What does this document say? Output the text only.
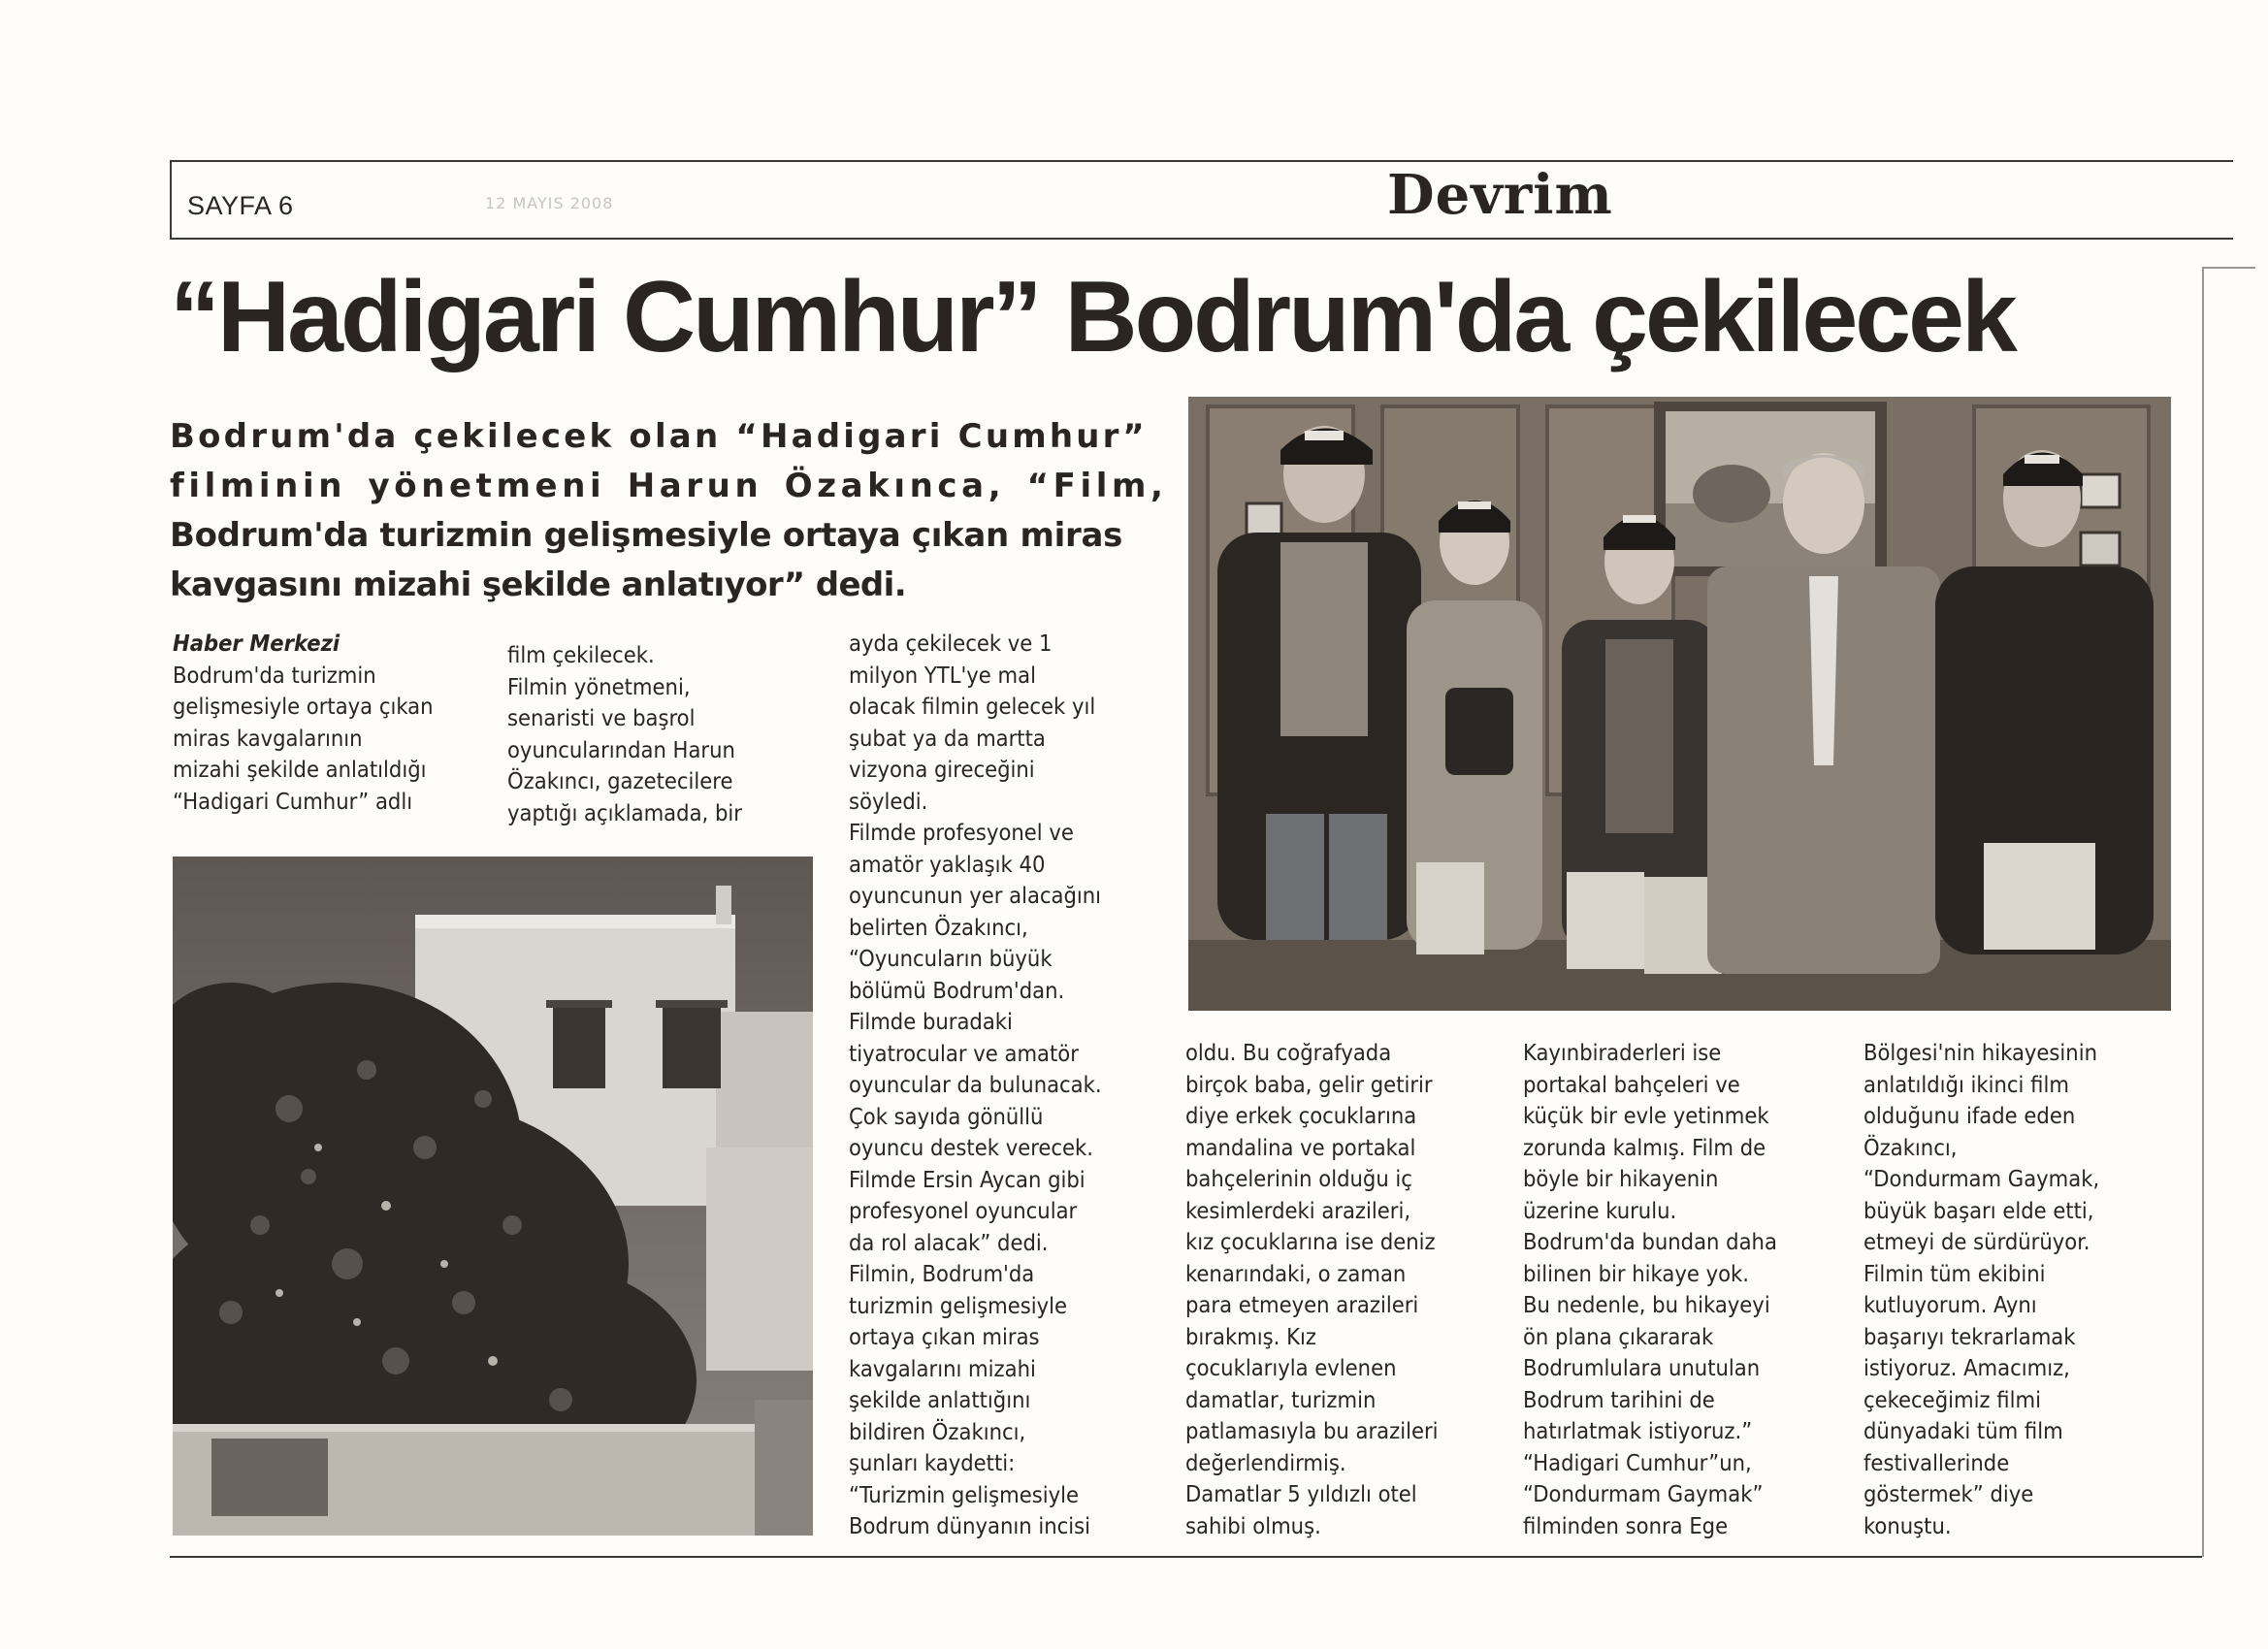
SAYFA 6	12 MAYIS 2008	Devrim
“Hadigari Cumhur” Bodrum'da çekilecek
Bodrum'da çekilecek olan “Hadigari Cumhur”
filminin yönetmeni Harun Özakınca, “Film,
Bodrum'da turizmin gelişmesiyle ortaya çıkan miras
kavgasını mizahi şekilde anlatıyor” dedi.
Haber Merkezi
Bodrum'da turizmin
gelişmesiyle ortaya çıkan
miras kavgalarının
mizahi şekilde anlatıldığı
“Hadigari Cumhur” adlı
film çekilecek.
Filmin yönetmeni,
senaristi ve başrol
oyuncularından Harun
Özakıncı, gazetecilere
yaptığı açıklamada, bir
ayda çekilecek ve 1
milyon YTL'ye mal
olacak filmin gelecek yıl
şubat ya da martta
vizyona gireceğini
söyledi.
Filmde profesyonel ve
amatör yaklaşık 40
oyuncunun yer alacağını
belirten Özakıncı,
“Oyuncuların büyük
bölümü Bodrum'dan.
Filmde buradaki
tiyatrocular ve amatör
oyuncular da bulunacak.
Çok sayıda gönüllü
oyuncu destek verecek.
Filmde Ersin Aycan gibi
profesyonel oyuncular
da rol alacak” dedi.
Filmin, Bodrum'da
turizmin gelişmesiyle
ortaya çıkan miras
kavgalarını mizahi
şekilde anlattığını
bildiren Özakıncı,
şunları kaydetti:
“Turizmin gelişmesiyle
Bodrum dünyanın incisi
oldu. Bu coğrafyada
birçok baba, gelir getirir
diye erkek çocuklarına
mandalina ve portakal
bahçelerinin olduğu iç
kesimlerdeki arazileri,
kız çocuklarına ise deniz
kenarındaki, o zaman
para etmeyen arazileri
bırakmış. Kız
çocuklarıyla evlenen
damatlar, turizmin
patlamasıyla bu arazileri
değerlendirmiş.
Damatlar 5 yıldızlı otel
sahibi olmuş.
Kayınbiraderleri ise
portakal bahçeleri ve
küçük bir evle yetinmek
zorunda kalmış. Film de
böyle bir hikayenin
üzerine kurulu.
Bodrum'da bundan daha
bilinen bir hikaye yok.
Bu nedenle, bu hikayeyi
ön plana çıkararak
Bodrumlulara unutulan
Bodrum tarihini de
hatırlatmak istiyoruz.”
“Hadigari Cumhur”un,
“Dondurmam Gaymak”
filminden sonra Ege
Bölgesi'nin hikayesinin
anlatıldığı ikinci film
olduğunu ifade eden
Özakıncı,
“Dondurmam Gaymak,
büyük başarı elde etti,
etmeyi de sürdürüyor.
Filmin tüm ekibini
kutluyorum. Aynı
başarıyı tekrarlamak
istiyoruz. Amacımız,
çekeceğimiz filmi
dünyadaki tüm film
festivallerinde
göstermek” diye
konuştu.
